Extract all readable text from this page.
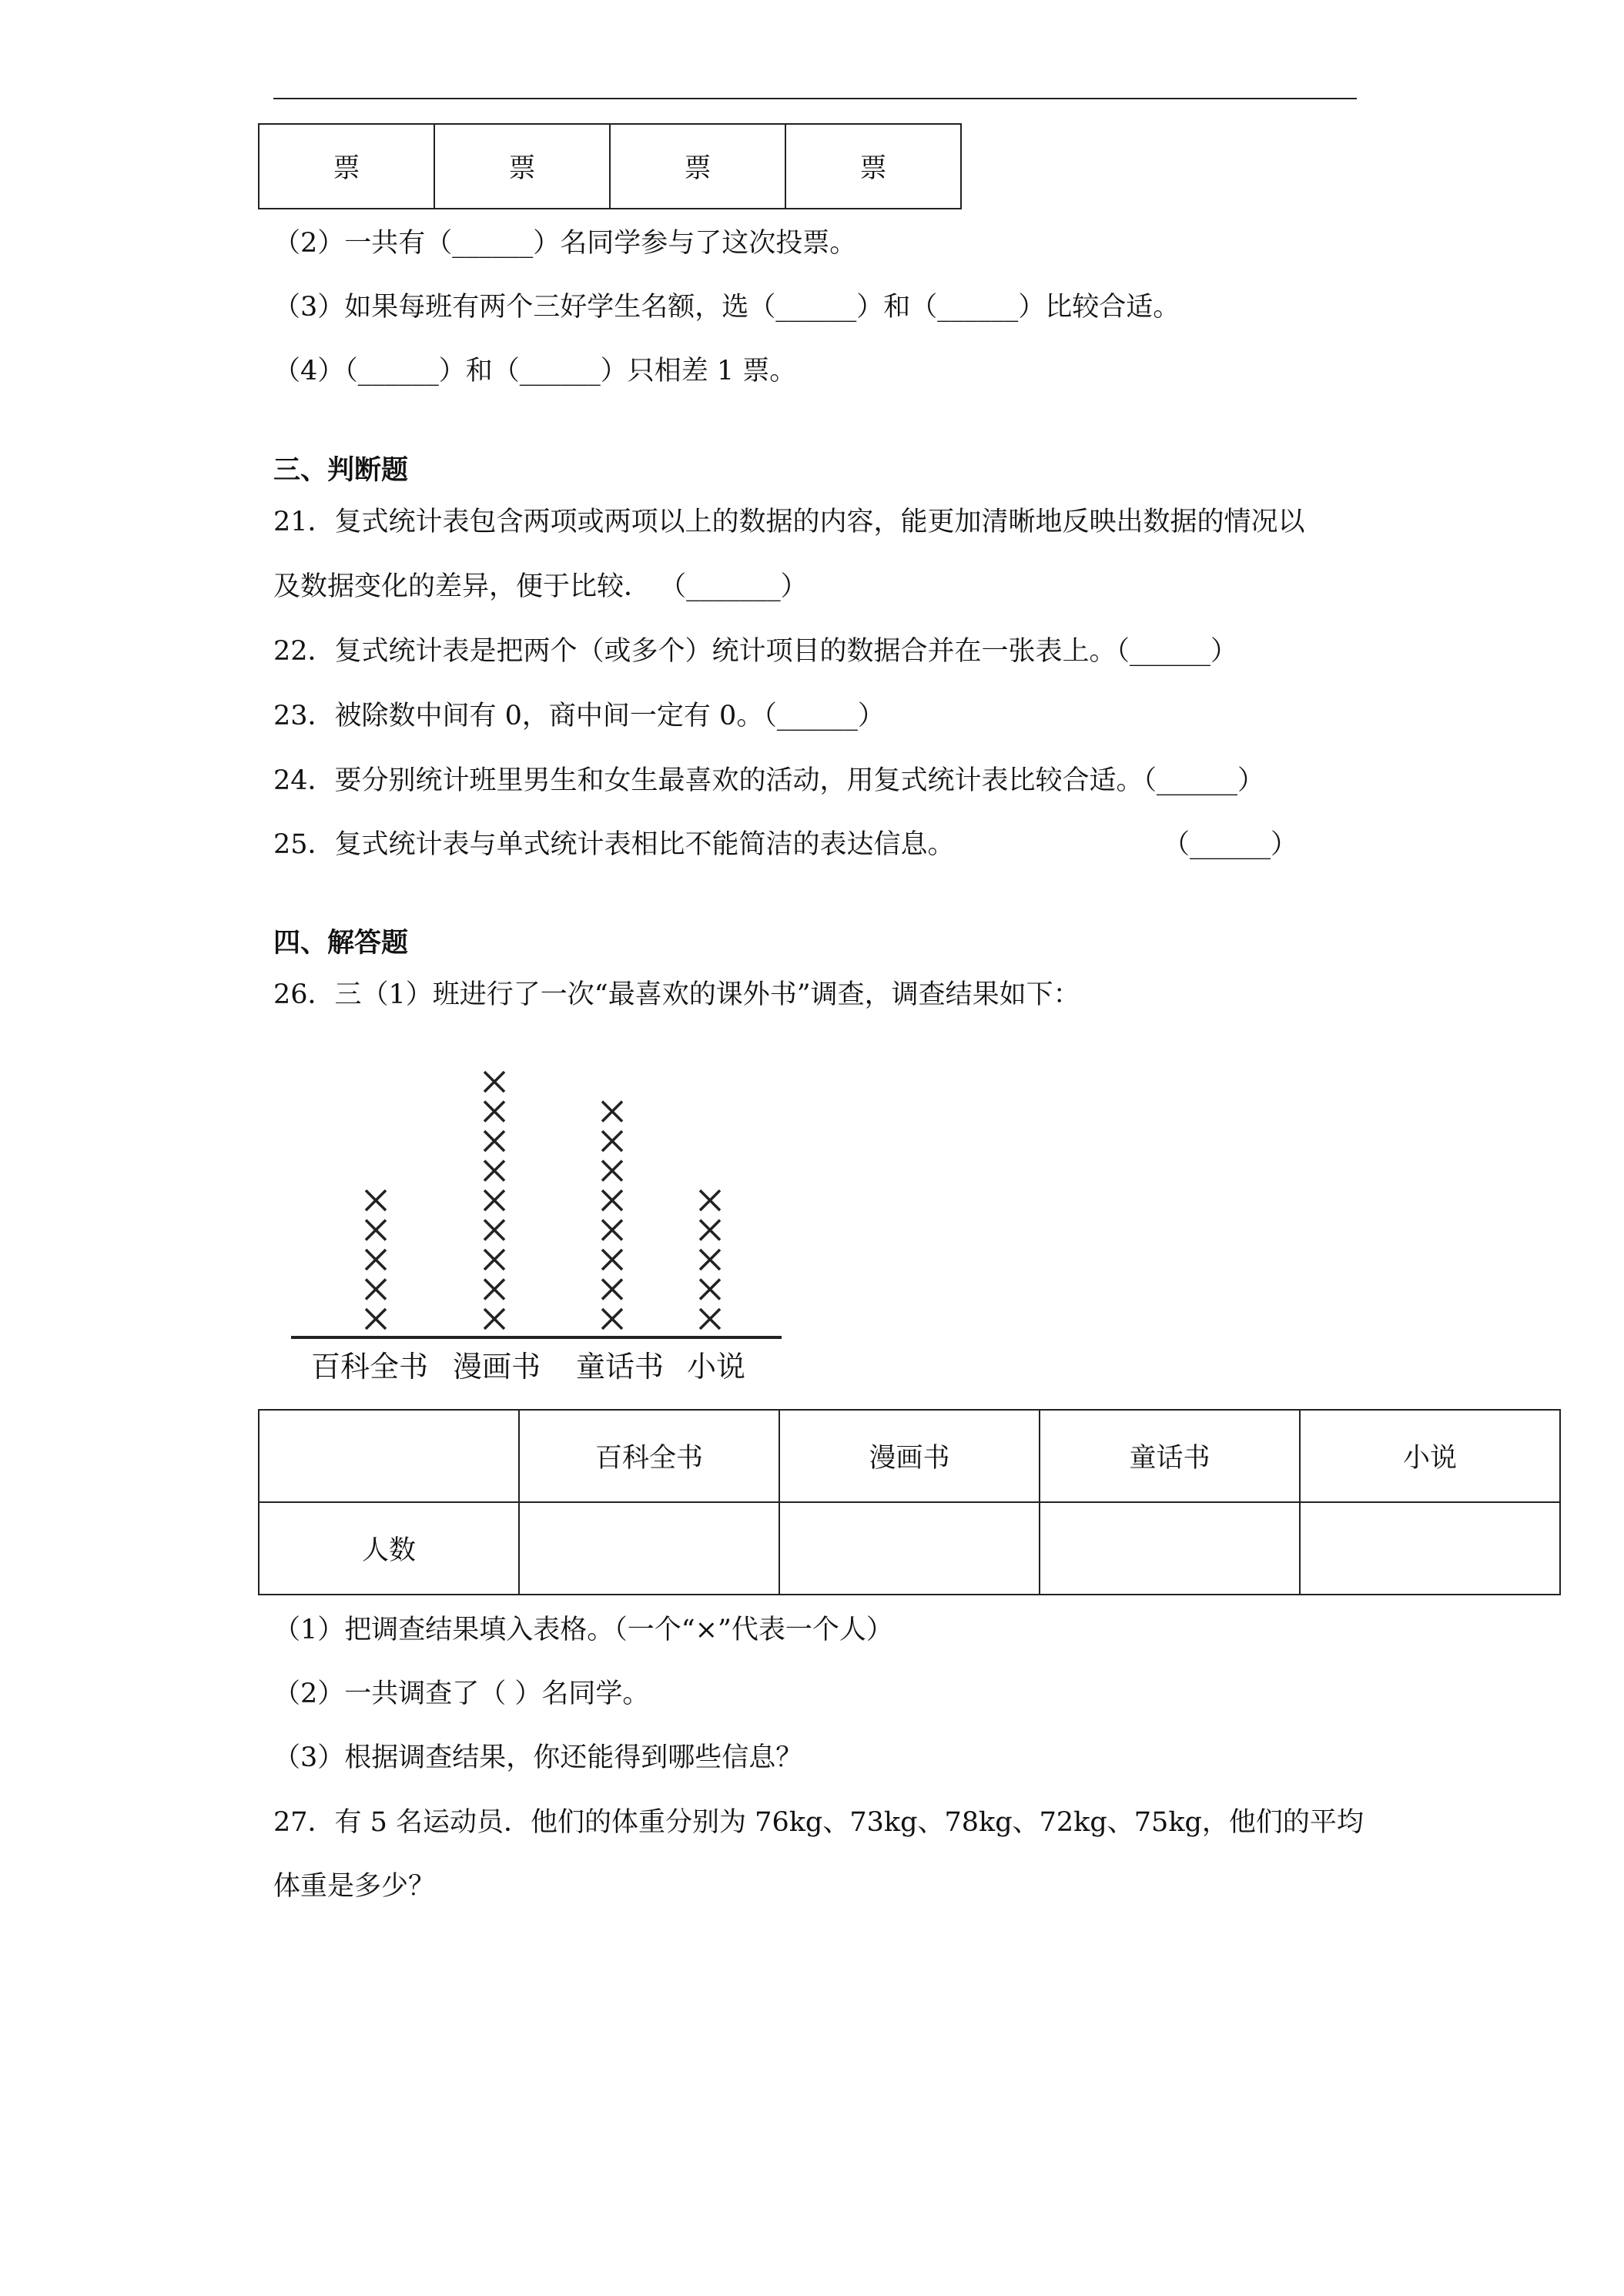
票	票	票	票
（2）一共有（______）名同学参与了这次投票。
（3）如果每班有两个三好学生名额，选（______）和（______）比较合适。
（4）（______）和（______）只相差 1 票。
三、判断题
21．复式统计表包含两项或两项以上的数据的内容，能更加清晰地反映出数据的情况以
及数据变化的差异，便于比较． （_______）
22．复式统计表是把两个（或多个）统计项目的数据合并在一张表上。（______）
23．被除数中间有 0，商中间一定有 0。（______）
24．要分别统计班里男生和女生最喜欢的活动，用复式统计表比较合适。（______）
25．复式统计表与单式统计表相比不能简洁的表达信息。	（______）
四、解答题
26．三（1）班进行了一次“最喜欢的课外书”调查，调查结果如下：
百科全书 漫画书 童话书 小说
	百科全书	漫画书	童话书	小说
人数				
（1）把调查结果填入表格。（一个“×”代表一个人）
（2）一共调查了（ ）名同学。
（3）根据调查结果，你还能得到哪些信息？
27．有 5 名运动员．他们的体重分别为 76kg、73kg、78kg、72kg、75kg，他们的平均
体重是多少？
